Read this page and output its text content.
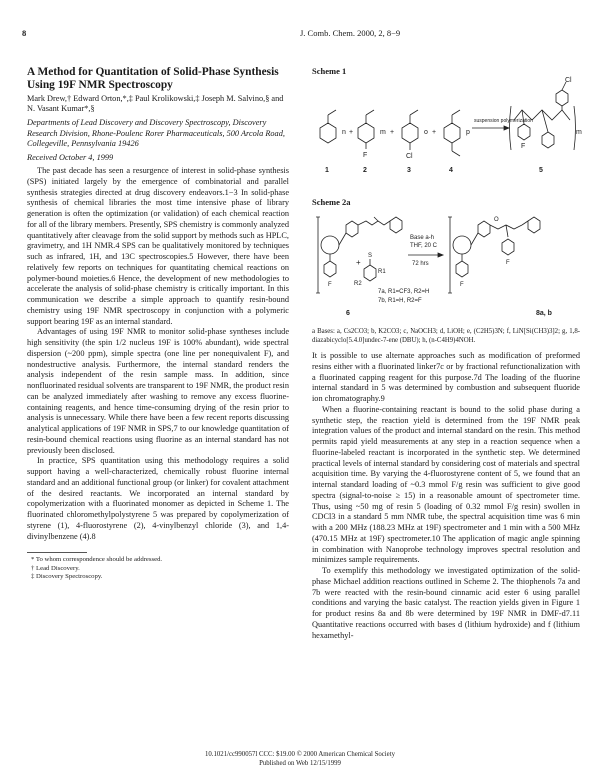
8	J. Comb. Chem. 2000, 2, 8−9
A Method for Quantitation of Solid-Phase Synthesis Using 19F NMR Spectroscopy
Mark Drew,† Edward Orton,*,‡ Paul Krolikowski,‡ Joseph M. Salvino,§ and N. Vasant Kumar*,§
Departments of Lead Discovery and Discovery Spectroscopy, Discovery Research Division, Rhone-Poulenc Rorer Pharmaceuticals, 500 Arcola Road, Collegeville, Pennsylvania 19426
Received October 4, 1999

The past decade has seen a resurgence of interest in solid-phase synthesis (SPS) initiated largely by the emergence of combinatorial and parallel synthesis strategies directed at drug discovery endeavors.1−3 In solid-phase synthesis of chemical libraries the most time intensive phase of library generation is often the optimization (or validation) of each chemical reaction for all of the library members. Presently, SPS chemistry is commonly analyzed quantitatively after cleavage from the solid support by methods such as HPLC, gravimetry, and 1H NMR.4 SPS can be qualitatively monitored by techniques such as infrared, 1H, and 13C spectroscopies.5 However, there have been relatively few reports on techniques for quantitating chemical reactions on polymer-bound moieties.6 Hence, the development of new methodologies to accelerate the analysis of solid-phase chemistry is critically important. In this communication we describe a simple approach to quantify resin-bound chemistry using 19F NMR spectroscopy in conjunction with a polymeric support bearing 19F as an internal standard.

Advantages of using 19F NMR to monitor solid-phase syntheses include high sensitivity (the spin 1/2 nucleus 19F is 100% abundant), wide spectral dispersion (~200 ppm), simple spectra (one line per nonequivalent F), and nondestructive analysis. Furthermore, the internal standard renders the analysis independent of the resin sample mass. In addition, since nonfluorinated residual solvents are transparent to 19F NMR, the product resin can be analyzed immediately after washing to remove any excess fluorine-containing reagents, and hence time-consuming drying of the resin prior to analysis is unnecessary. While there have been a few recent reports discussing analytical applications of 19F NMR in SPS,7 to our knowledge quantitation of resin-bound chemical reactions using fluorine as an internal standard has not previously been disclosed.

In practice, SPS quantitation using this methodology requires a solid support having a well-characterized, chemically robust fluorine internal standard and an additional functional group (or linker) for covalent attachment of the desired reactants. We incorporated an internal standard by copolymerization with a fluorinated monomer as depicted in Scheme 1. The fluorinated chloromethylpolystyrene 5 was prepared by copolymerization of styrene (1), 4-fluorostyrene (2), 4-vinylbenzyl chloride (3), and 1,4-divinylbenzene (4).8

* To whom correspondence should be addressed.
† Lead Discovery.
‡ Discovery Spectroscopy.
Scheme 1
n +	m +	o +	p
F	Cl
F
Cl
m
suspension polymerization
1	2	3	4	5
Scheme 2a
Base a-h
THF, 20 C
72 hrs
7a, R1=CF3, R2=H
7b, R1=H, R2=F
F
S
R1
R2	F
O
F
+
6	8a, b
a Bases: a, Cs2CO3; b, K2CO3; c, NaOCH3; d, LiOH; e, (C2H5)3N; f, LiN[Si(CH3)3]2; g, 1,8-diazabicyclo[5.4.0]undec-7-ene (DBU); h, (n-C4H9)4NOH.

It is possible to use alternate approaches such as modification of preformed resins either with a fluorinated linker7c or by fractional refunctionalization with a fluorinated capping reagent for this purpose.7d The loading of the fluorine internal standard in 5 was determined by combustion and subsequent fluoride ion chromatography.9

When a fluorine-containing reactant is bound to the solid phase during a synthetic step, the reaction yield is determined from the 19F NMR peak integration values of the product and internal standard on the resin. This method permits rapid yield measurements at any step in a reaction sequence when a fluorine-labeled reactant is incorporated in the synthetic step. We determined practical levels of internal standard by considering cost of materials and spectral acquisition time. By varying the 4-fluorostyrene content of 5, we found that an internal standard loading of ~0.3 mmol F/g resin was sufficient to give good spectra (signal-to-noise ≥ 15) in a reasonable amount of spectrometer time. Thus, using ~50 mg of resin 5 (loading of 0.32 mmol F/g resin) swollen in CDCl3 in a standard 5 mm NMR tube, the spectral acquisition time was 6 min with a 200 MHz (188.23 MHz at 19F) spectrometer and 1 min with a 500 MHz (470.15 MHz at 19F) spectrometer.10 The application of magic angle spinning in combination with Nanoprobe technology improves spectral resolution and minimizes sample requirements.

To exemplify this methodology we investigated optimization of the solid-phase Michael addition reactions outlined in Scheme 2. The thiophenols 7a and 7b were reacted with the resin-bound cinnamic acid ester 6 using parallel conditions and varying the basic catalyst. The reaction yields given in Figure 1 for product resins 8a and 8b were determined by 19F NMR in DMF-d7.11 Quantitative reactions occurred with bases d (lithium hydroxide) and f (lithium hexamethyl-

10.1021/cc990057l CCC: $19.00 © 2000 American Chemical Society
Published on Web 12/15/1999
